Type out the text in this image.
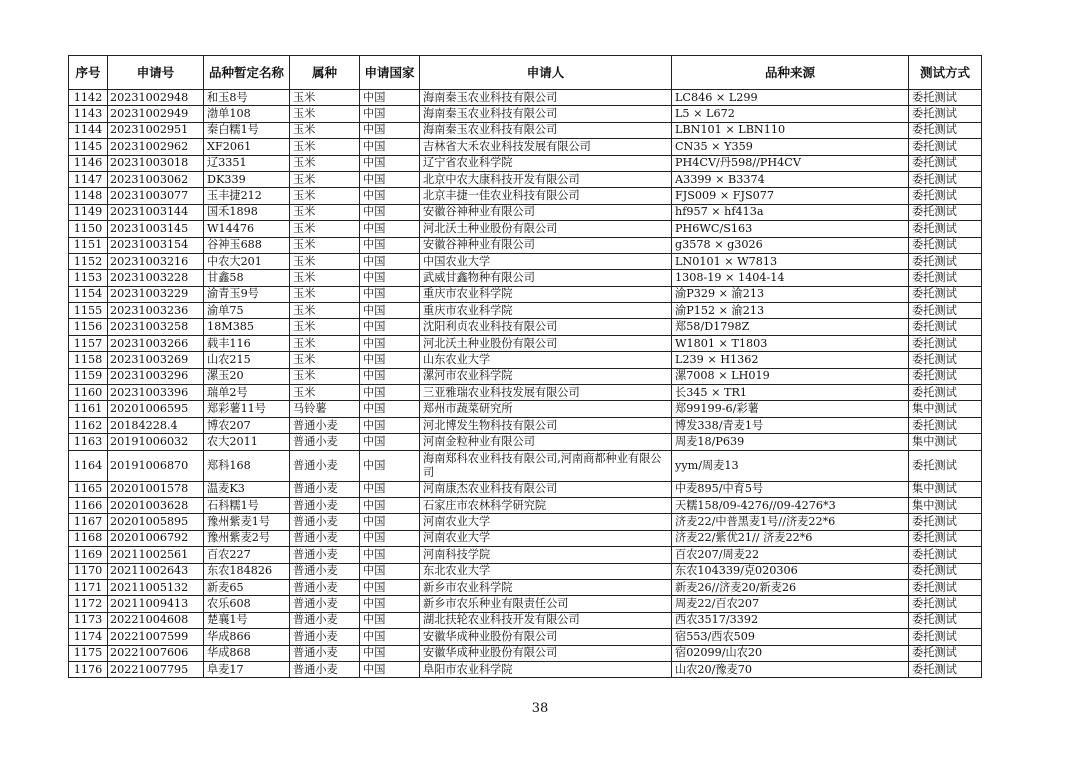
序号	申请号	品种暂定名称	属种	申请国家	申请人	品种来源	测试方式
1142	20231002948	和玉8号	玉米	中国	海南秦玉农业科技有限公司	LC846 × L299	委托测试
1143	20231002949	渤单108	玉米	中国	海南秦玉农业科技有限公司	L5 × L672	委托测试
1144	20231002951	秦白糯1号	玉米	中国	海南秦玉农业科技有限公司	LBN101 × LBN110	委托测试
1145	20231002962	XF2061	玉米	中国	吉林省大禾农业科技发展有限公司	CN35 × Y359	委托测试
1146	20231003018	辽3351	玉米	中国	辽宁省农业科学院	PH4CV/丹598//PH4CV	委托测试
1147	20231003062	DK339	玉米	中国	北京中农大康科技开发有限公司	A3399 × B3374	委托测试
1148	20231003077	玉丰捷212	玉米	中国	北京丰捷一佳农业科技有限公司	FJS009 × FJS077	委托测试
1149	20231003144	国禾1898	玉米	中国	安徽谷神种业有限公司	hf957 × hf413a	委托测试
1150	20231003145	W14476	玉米	中国	河北沃土种业股份有限公司	PH6WC/S163	委托测试
1151	20231003154	谷神玉688	玉米	中国	安徽谷神种业有限公司	g3578 × g3026	委托测试
1152	20231003216	中农大201	玉米	中国	中国农业大学	LN0101 × W7813	委托测试
1153	20231003228	甘鑫58	玉米	中国	武威甘鑫物种有限公司	1308-19 × 1404-14	委托测试
1154	20231003229	渝青玉9号	玉米	中国	重庆市农业科学院	渝P329 × 渝213	委托测试
1155	20231003236	渝单75	玉米	中国	重庆市农业科学院	渝P152 × 渝213	委托测试
1156	20231003258	18M385	玉米	中国	沈阳利贞农业科技有限公司	郑58/D1798Z	委托测试
1157	20231003266	载丰116	玉米	中国	河北沃土种业股份有限公司	W1801 × T1803	委托测试
1158	20231003269	山农215	玉米	中国	山东农业大学	L239 × H1362	委托测试
1159	20231003296	漯玉20	玉米	中国	漯河市农业科学院	漯7008 × LH019	委托测试
1160	20231003396	瑞单2号	玉米	中国	三亚雅瑞农业科技发展有限公司	长345 × TR1	委托测试
1161	20201006595	郑彩薯11号	马铃薯	中国	郑州市蔬菜研究所	郑99199-6/彩薯	集中测试
1162	20184228.4	博农207	普通小麦	中国	河北博发生物科技有限公司	博发338/青麦1号	委托测试
1163	20191006032	农大2011	普通小麦	中国	河南金粒种业有限公司	周麦18/P639	集中测试
1164	20191006870	郑科168	普通小麦	中国	海南郑科农业科技有限公司,河南商都种业有限公司	yym/周麦13	委托测试
1165	20201001578	温麦K3	普通小麦	中国	河南康杰农业科技有限公司	中麦895/中育5号	集中测试
1166	20201003628	石科糯1号	普通小麦	中国	石家庄市农林科学研究院	天糯158/09-4276//09-4276*3	集中测试
1167	20201005895	豫州紫麦1号	普通小麦	中国	河南农业大学	济麦22/中普黑麦1号//济麦22*6	委托测试
1168	20201006792	豫州紫麦2号	普通小麦	中国	河南农业大学	济麦22/紫优21// 济麦22*6	委托测试
1169	20211002561	百农227	普通小麦	中国	河南科技学院	百农207/周麦22	委托测试
1170	20211002643	东农184826	普通小麦	中国	东北农业大学	东农104339/克020306	委托测试
1171	20211005132	新麦65	普通小麦	中国	新乡市农业科学院	新麦26//济麦20/新麦26	委托测试
1172	20211009413	农乐608	普通小麦	中国	新乡市农乐种业有限责任公司	周麦22/百农207	委托测试
1173	20221004608	楚襄1号	普通小麦	中国	湖北扶轮农业科技开发有限公司	西农3517/3392	委托测试
1174	20221007599	华成866	普通小麦	中国	安徽华成种业股份有限公司	宿553/西农509	委托测试
1175	20221007606	华成868	普通小麦	中国	安徽华成种业股份有限公司	宿02099/山农20	委托测试
1176	20221007795	阜麦17	普通小麦	中国	阜阳市农业科学院	山农20/豫麦70	委托测试
38
